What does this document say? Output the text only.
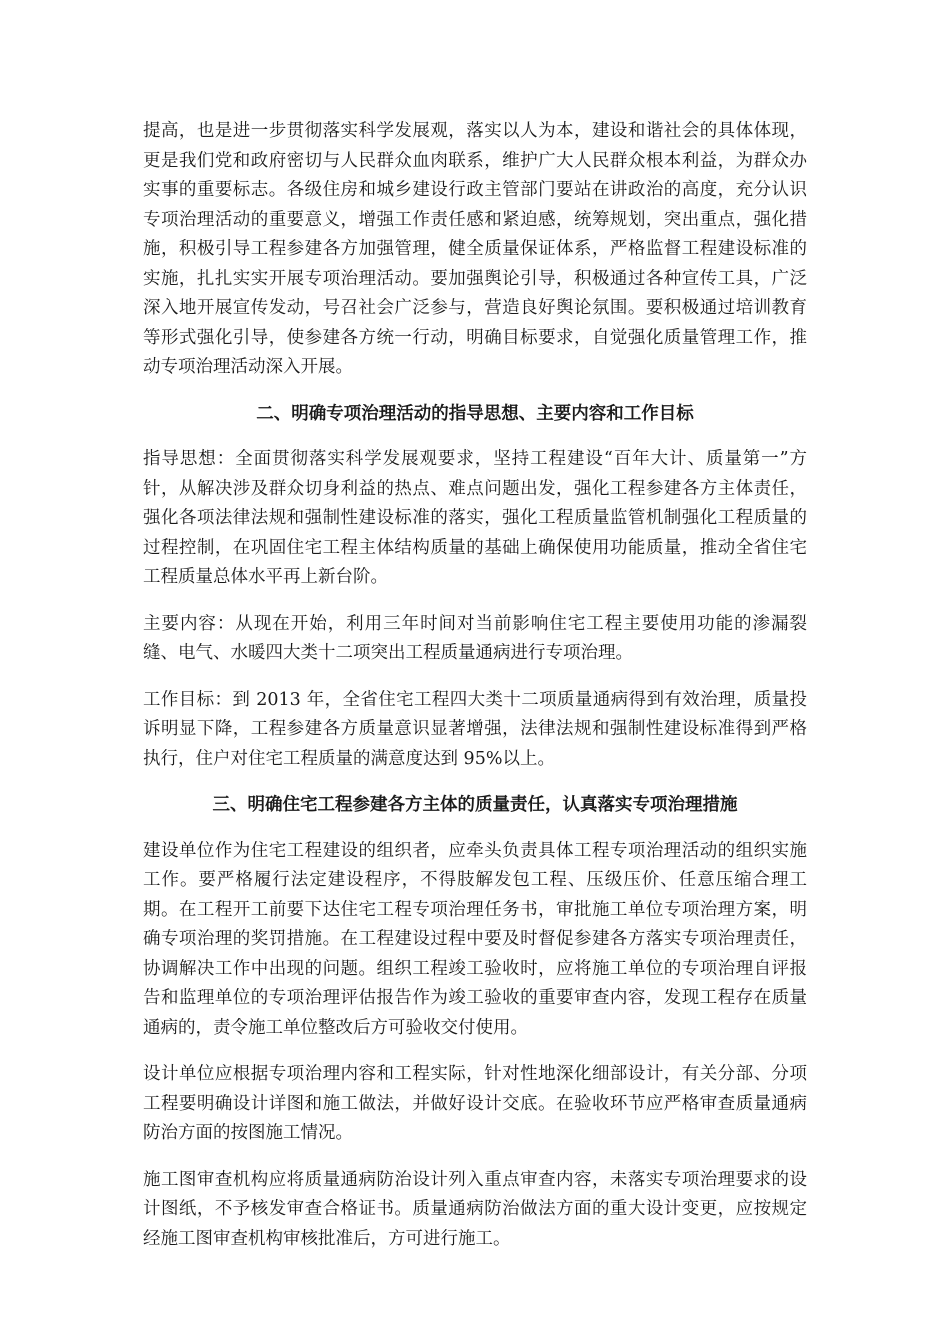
提高，也是进一步贯彻落实科学发展观，落实以人为本，建设和谐社会的具体体现，更是我们党和政府密切与人民群众血肉联系，维护广大人民群众根本利益，为群众办实事的重要标志。各级住房和城乡建设行政主管部门要站在讲政治的高度，充分认识专项治理活动的重要意义，增强工作责任感和紧迫感，统筹规划，突出重点，强化措施，积极引导工程参建各方加强管理，健全质量保证体系，严格监督工程建设标准的实施，扎扎实实开展专项治理活动。要加强舆论引导，积极通过各种宣传工具，广泛深入地开展宣传发动，号召社会广泛参与，营造良好舆论氛围。要积极通过培训教育等形式强化引导，使参建各方统一行动，明确目标要求，自觉强化质量管理工作，推动专项治理活动深入开展。

二、明确专项治理活动的指导思想、主要内容和工作目标

指导思想：全面贯彻落实科学发展观要求，坚持工程建设“百年大计、质量第一”方针，从解决涉及群众切身利益的热点、难点问题出发，强化工程参建各方主体责任，强化各项法律法规和强制性建设标准的落实，强化工程质量监管机制强化工程质量的过程控制，在巩固住宅工程主体结构质量的基础上确保使用功能质量，推动全省住宅工程质量总体水平再上新台阶。

主要内容：从现在开始，利用三年时间对当前影响住宅工程主要使用功能的渗漏裂缝、电气、水暖四大类十二项突出工程质量通病进行专项治理。

工作目标：到 2013 年，全省住宅工程四大类十二项质量通病得到有效治理，质量投诉明显下降，工程参建各方质量意识显著增强，法律法规和强制性建设标准得到严格执行，住户对住宅工程质量的满意度达到 95%以上。

三、明确住宅工程参建各方主体的质量责任，认真落实专项治理措施

建设单位作为住宅工程建设的组织者，应牵头负责具体工程专项治理活动的组织实施工作。要严格履行法定建设程序，不得肢解发包工程、压级压价、任意压缩合理工期。在工程开工前要下达住宅工程专项治理任务书，审批施工单位专项治理方案，明确专项治理的奖罚措施。在工程建设过程中要及时督促参建各方落实专项治理责任，协调解决工作中出现的问题。组织工程竣工验收时，应将施工单位的专项治理自评报告和监理单位的专项治理评估报告作为竣工验收的重要审查内容，发现工程存在质量通病的，责令施工单位整改后方可验收交付使用。

设计单位应根据专项治理内容和工程实际，针对性地深化细部设计，有关分部、分项工程要明确设计详图和施工做法，并做好设计交底。在验收环节应严格审查质量通病防治方面的按图施工情况。

施工图审查机构应将质量通病防治设计列入重点审查内容，未落实专项治理要求的设计图纸，不予核发审查合格证书。质量通病防治做法方面的重大设计变更，应按规定经施工图审查机构审核批准后，方可进行施工。
